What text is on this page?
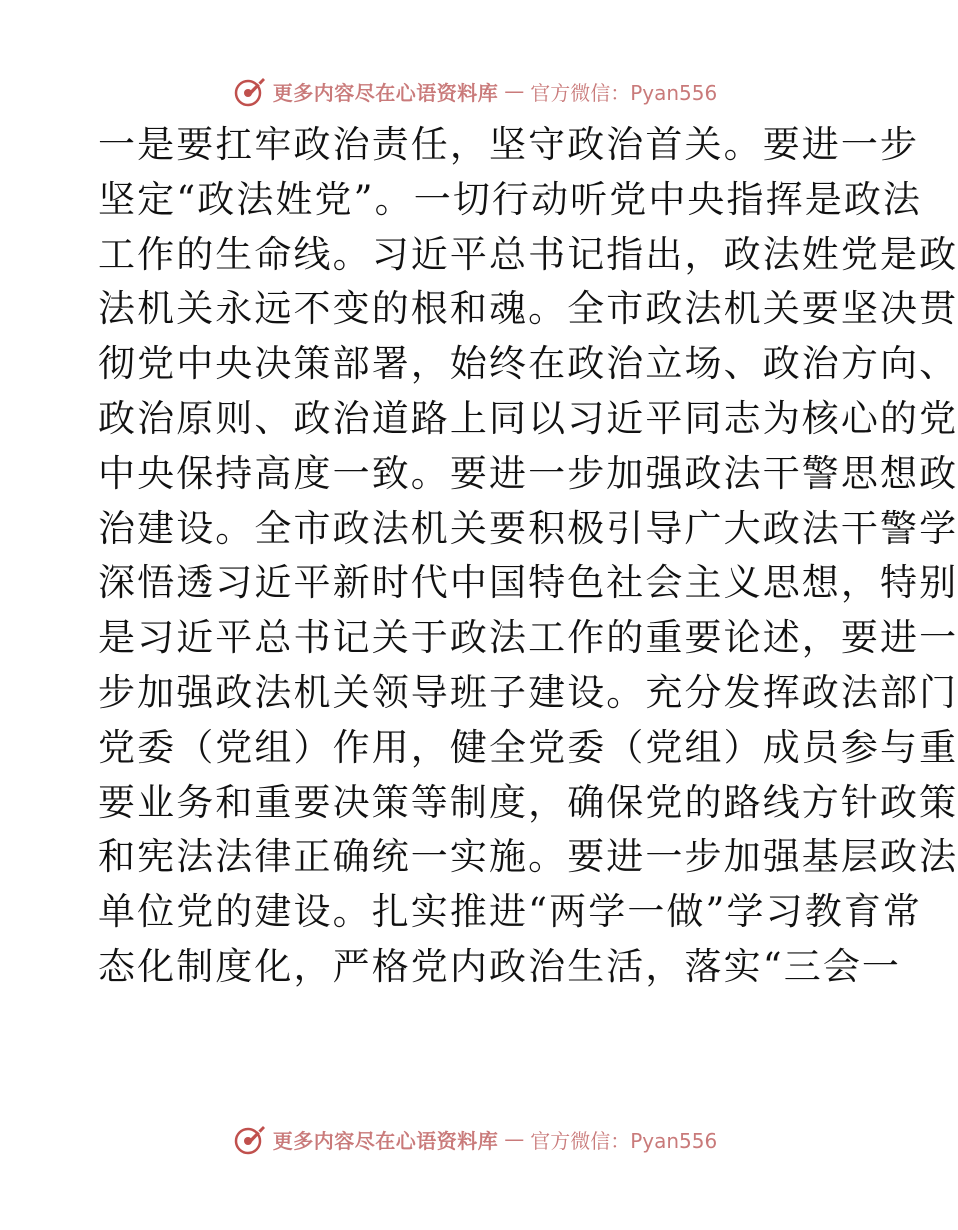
更多内容尽在心语资料库 — 官方微信：Pyan556
一是要扛牢政治责任，坚守政治首关。要进一步
坚定“政法姓党”。一切行动听党中央指挥是政法
工作的生命线。习近平总书记指出，政法姓党是政
法机关永远不变的根和魂。全市政法机关要坚决贯
彻党中央决策部署，始终在政治立场、政治方向、
政治原则、政治道路上同以习近平同志为核心的党
中央保持高度一致。要进一步加强政法干警思想政
治建设。全市政法机关要积极引导广大政法干警学
深悟透习近平新时代中国特色社会主义思想，特别
是习近平总书记关于政法工作的重要论述，要进一
步加强政法机关领导班子建设。充分发挥政法部门
党委（党组）作用，健全党委（党组）成员参与重
要业务和重要决策等制度，确保党的路线方针政策
和宪法法律正确统一实施。要进一步加强基层政法
单位党的建设。扎实推进“两学一做”学习教育常
态化制度化，严格党内政治生活，落实“三会一
更多内容尽在心语资料库 — 官方微信：Pyan556
